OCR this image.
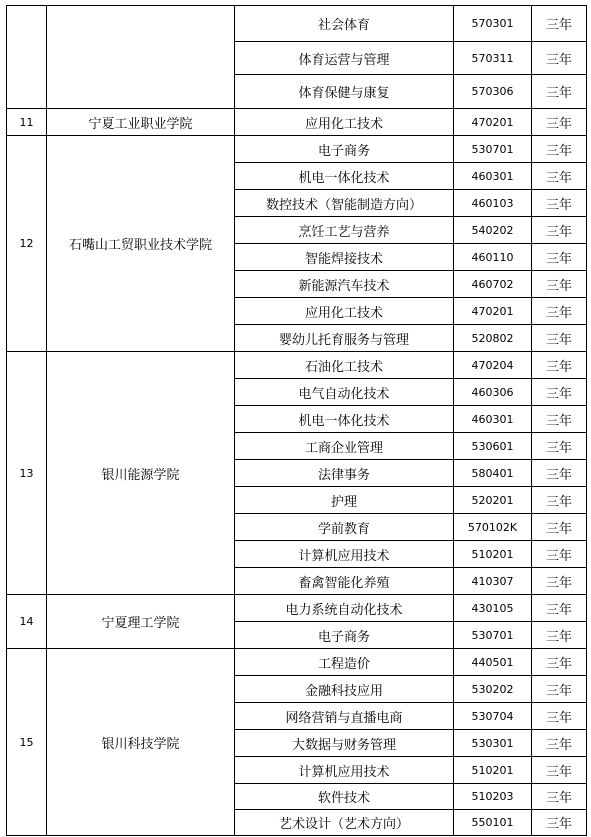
		社会体育	570301	三年
		体育运营与管理	570311	三年
		体育保健与康复	570306	三年
11	宁夏工业职业学院	应用化工技术	470201	三年
12	石嘴山工贸职业技术学院	电子商务	530701	三年
		机电一体化技术	460301	三年
		数控技术（智能制造方向）	460103	三年
		烹饪工艺与营养	540202	三年
		智能焊接技术	460110	三年
		新能源汽车技术	460702	三年
		应用化工技术	470201	三年
		婴幼儿托育服务与管理	520802	三年
13	银川能源学院	石油化工技术	470204	三年
		电气自动化技术	460306	三年
		机电一体化技术	460301	三年
		工商企业管理	530601	三年
		法律事务	580401	三年
		护理	520201	三年
		学前教育	570102K	三年
		计算机应用技术	510201	三年
		畜禽智能化养殖	410307	三年
14	宁夏理工学院	电力系统自动化技术	430105	三年
		电子商务	530701	三年
15	银川科技学院	工程造价	440501	三年
		金融科技应用	530202	三年
		网络营销与直播电商	530704	三年
		大数据与财务管理	530301	三年
		计算机应用技术	510201	三年
		软件技术	510203	三年
		艺术设计（艺术方向）	550101	三年
